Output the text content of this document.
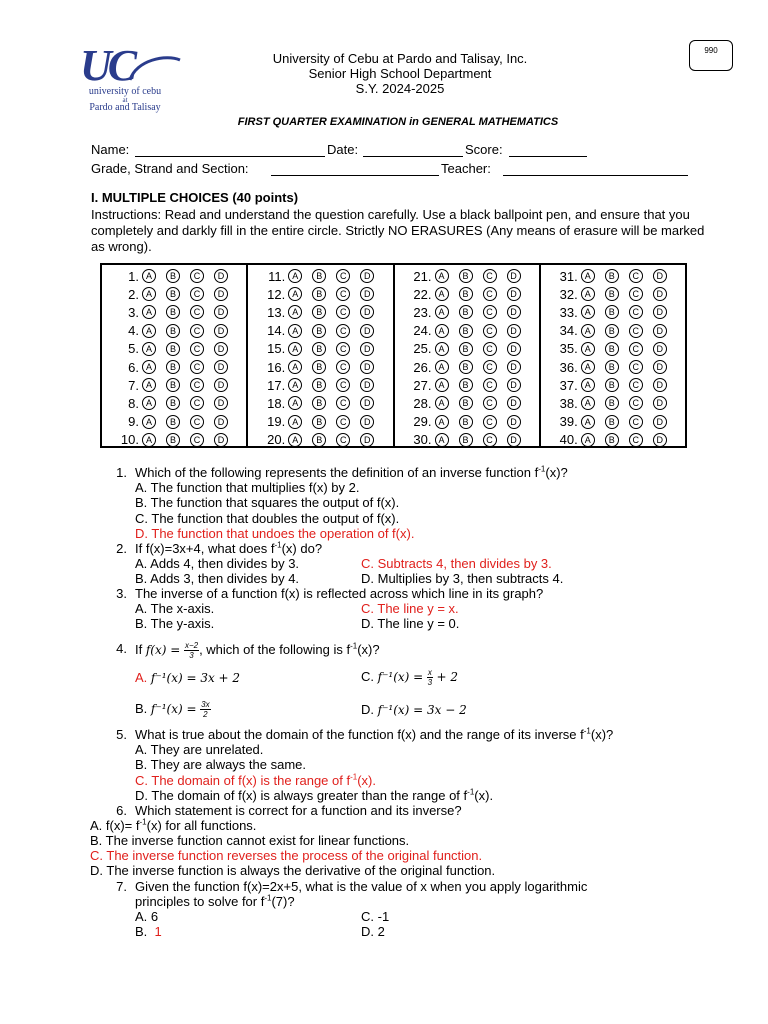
UC
university of cebu
at
Pardo and Talisay
University of Cebu at Pardo and Talisay, Inc.
Senior High School Department
S.Y. 2024-2025
990
FIRST QUARTER EXAMINATION in GENERAL MATHEMATICS
Name:	Date:	Score:
Grade, Strand and Section:	Teacher:
I. MULTIPLE CHOICES (40 points)
Instructions: Read and understand the question carefully. Use a black ballpoint pen, and ensure that you completely and darkly fill in the entire circle. Strictly NO ERASURES (Any means of erasure will be marked as wrong).
1. A	B	C	D
2. A	B	C	D
3. A	B	C	D
4. A	B	C	D
5. A	B	C	D
6. A	B	C	D
7. A	B	C	D
8. A	B	C	D
9. A	B	C	D
10. A	B	C	D
11. A	B	C	D
12. A	B	C	D
13. A	B	C	D
14. A	B	C	D
15. A	B	C	D
16. A	B	C	D
17. A	B	C	D
18. A	B	C	D
19. A	B	C	D
20. A	B	C	D
21. A	B	C	D
22. A	B	C	D
23. A	B	C	D
24. A	B	C	D
25. A	B	C	D
26. A	B	C	D
27. A	B	C	D
28. A	B	C	D
29. A	B	C	D
30. A	B	C	D
31. A	B	C	D
32. A	B	C	D
33. A	B	C	D
34. A	B	C	D
35. A	B	C	D
36. A	B	C	D
37. A	B	C	D
38. A	B	C	D
39. A	B	C	D
40. A	B	C	D
1. Which of the following represents the definition of an inverse function $f^{-1}(x)$?
A. The function that multiplies f(x) by 2.
B. The function that squares the output of f(x).
C. The function that doubles the output of f(x).
D. The function that undoes the operation of f(x).
2. If f(x)=3x+4, what does $f^{-1}(x)$ do?
A. Adds 4, then divides by 3.	C. Subtracts 4, then divides by 3.
B. Adds 3, then divides by 4.	D. Multiplies by 3, then subtracts 4.
3. The inverse of a function f(x) is reflected across which line in its graph?
A. The x-axis.	C. The line y = x.
B. The y-axis.	D. The line y = 0.
4. If $f(x) = \frac{x-2}{3}$ , which of the following is $f^{-1}(x)$?
A. f⁻¹(x) = 3x + 2	C. $f^{-1}(x) = \frac{x}{3} + 2$
B. $f^{-1}(x) = \frac{3x}{2}$	D. f⁻¹(x) = 3x − 2
5. What is true about the domain of the function f(x) and the range of its inverse $f^{-1}(x)$?
A. They are unrelated.
B. They are always the same.
C. The domain of f(x) is the range of $f^{-1}(x)$.
D. The domain of f(x) is always greater than the range of $f^{-1}(x)$.
6. Which statement is correct for a function and its inverse?
A. $f(x)= f^{-1}(x)$ for all functions.
B. The inverse function cannot exist for linear functions.
C. The inverse function reverses the process of the original function.
D. The inverse function is always the derivative of the original function.
7. Given the function f(x)=2x+5, what is the value of x when you apply logarithmic
principles to solve for $f^{-1}(7)$?
A. 6	C. -1
B. 1	D. 2
